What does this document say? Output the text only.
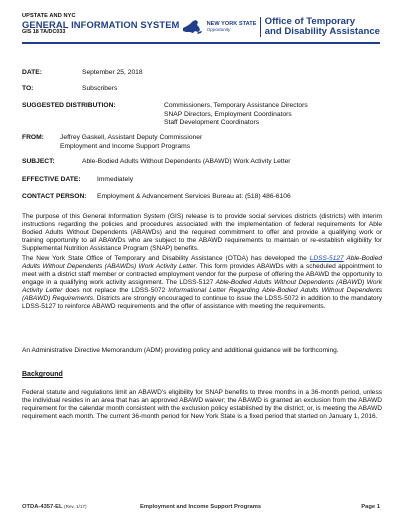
UPSTATE AND NYC
GENERAL INFORMATION SYSTEM
GIS 18 TA/DC033
NEW YORK STATE
Opportunity
Office of Temporary
and Disability Assistance
DATE:	September 25, 2018
TO:	Subscribers
SUGGESTED DISTRIBUTION:	Commissioners, Temporary Assistance Directors
SNAP Directors, Employment Coordinators
Staff Development Coordinators
FROM: Jeffrey Gaskell, Assistant Deputy Commissioner
Employment and Income Support Programs
SUBJECT:	Able-Bodied Adults Without Dependents (ABAWD) Work Activity Letter
EFFECTIVE DATE: Immediately
CONTACT PERSON: Employment & Advancement Services Bureau at: (518) 486-6106
The purpose of this General Information System (GIS) release is to provide social services districts (districts) with interim instructions regarding the policies and procedures associated with the implementation of federal requirements for Able Bodied Adults Without Dependents (ABAWDs) and the required commitment to offer and provide a qualifying work or training opportunity to all ABAWDs who are subject to the ABAWD requirements to maintain or re-establish eligibility for Supplemental Nutrition Assistance Program (SNAP) benefits.
The New York State Office of Temporary and Disability Assistance (OTDA) has developed the LDSS-5127 Able-Bodied Adults Without Dependents (ABAWDs) Work Activity Letter. This form provides ABAWDs with a scheduled appointment to meet with a district staff member or contracted employment vendor for the purpose of offering the ABAWD the opportunity to engage in a qualifying work activity assignment. The LDSS-5127 Able-Bodied Adults Without Dependents (ABAWD) Work Activity Letter does not replace the LDSS-5072 Informational Letter Regarding Able-Bodied Adults Without Dependents (ABAWD) Requirements. Districts are strongly encouraged to continue to issue the LDSS-5072 in addition to the mandatory LDSS-5127 to reinforce ABAWD requirements and the offer of assistance with meeting the requirements.
An Administrative Directive Memorandum (ADM) providing policy and additional guidance will be forthcoming.
Background
Federal statute and regulations limit an ABAWD's eligibility for SNAP benefits to three months in a 36-month period, unless the individual resides in an area that has an approved ABAWD waiver; the ABAWD is granted an exclusion from the ABAWD requirement for the calendar month consistent with the exclusion policy established by the district; or, is meeting the ABAWD requirement each month. The current 36-month period for New York State is a fixed period that started on January 1, 2016.
OTDA-4357-EL (Rev. 1/17)	Employment and Income Support Programs	Page 1
